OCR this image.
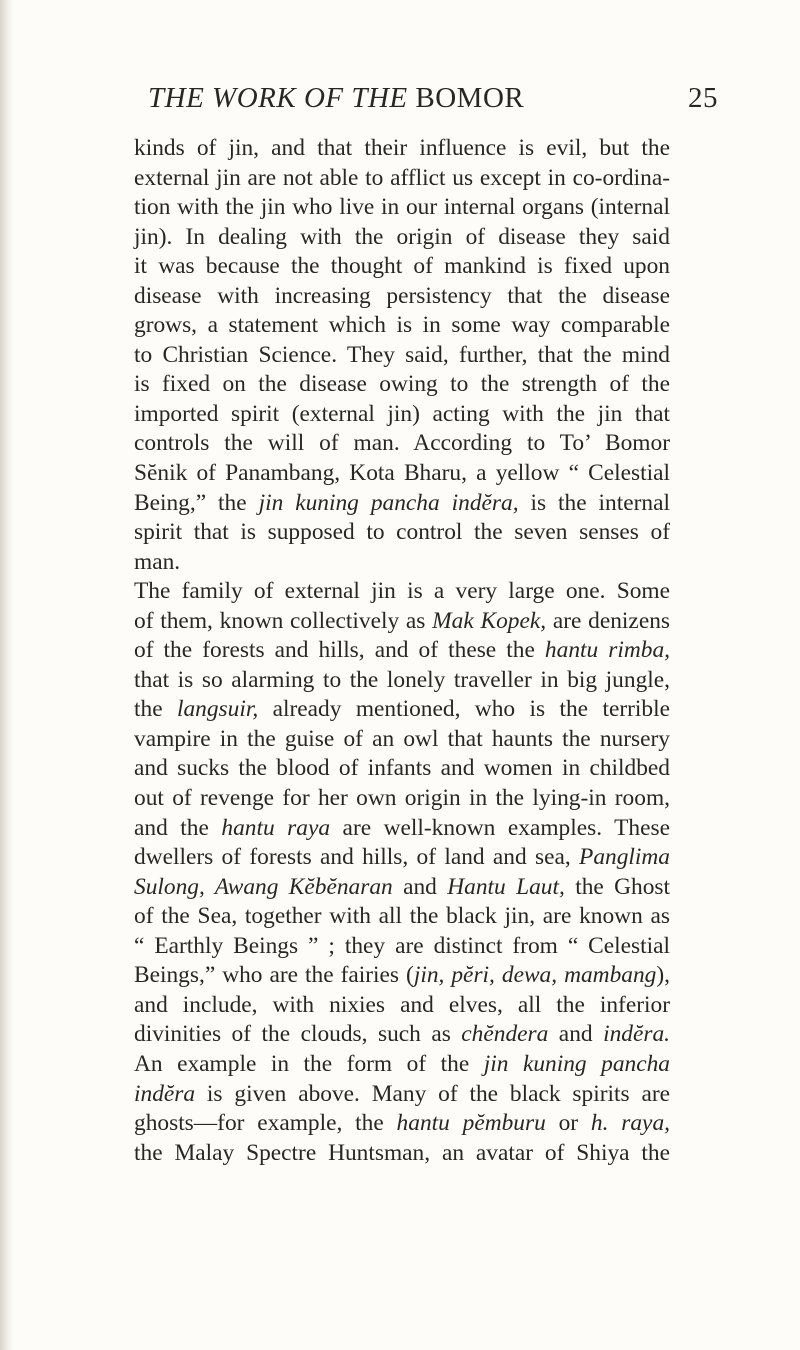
THE WORK OF THE BOMOR	25
kinds of jin, and that their influence is evil, but the
external jin are not able to afflict us except in co-ordina-
tion with the jin who live in our internal organs (internal
jin). In dealing with the origin of disease they said
it was because the thought of mankind is fixed upon
disease with increasing persistency that the disease
grows, a statement which is in some way comparable
to Christian Science. They said, further, that the mind
is fixed on the disease owing to the strength of the
imported spirit (external jin) acting with the jin that
controls the will of man. According to To’ Bomor
Sĕnik of Panambang, Kota Bharu, a yellow “ Celestial
Being,” the jin kuning pancha indĕra, is the internal
spirit that is supposed to control the seven senses of
man.
The family of external jin is a very large one. Some
of them, known collectively as Mak Kopek, are denizens
of the forests and hills, and of these the hantu rimba,
that is so alarming to the lonely traveller in big jungle,
the langsuir, already mentioned, who is the terrible
vampire in the guise of an owl that haunts the nursery
and sucks the blood of infants and women in childbed
out of revenge for her own origin in the lying-in room,
and the hantu raya are well-known examples. These
dwellers of forests and hills, of land and sea, Panglima
Sulong, Awang Kĕbĕnaran and Hantu Laut, the Ghost
of the Sea, together with all the black jin, are known as
“ Earthly Beings ” ; they are distinct from “ Celestial
Beings,” who are the fairies (jin, pĕri, dewa, mambang),
and include, with nixies and elves, all the inferior
divinities of the clouds, such as chĕndera and indĕra.
An example in the form of the jin kuning pancha
indĕra is given above. Many of the black spirits are
ghosts—for example, the hantu pĕmburu or h. raya,
the Malay Spectre Huntsman, an avatar of Shiya the
